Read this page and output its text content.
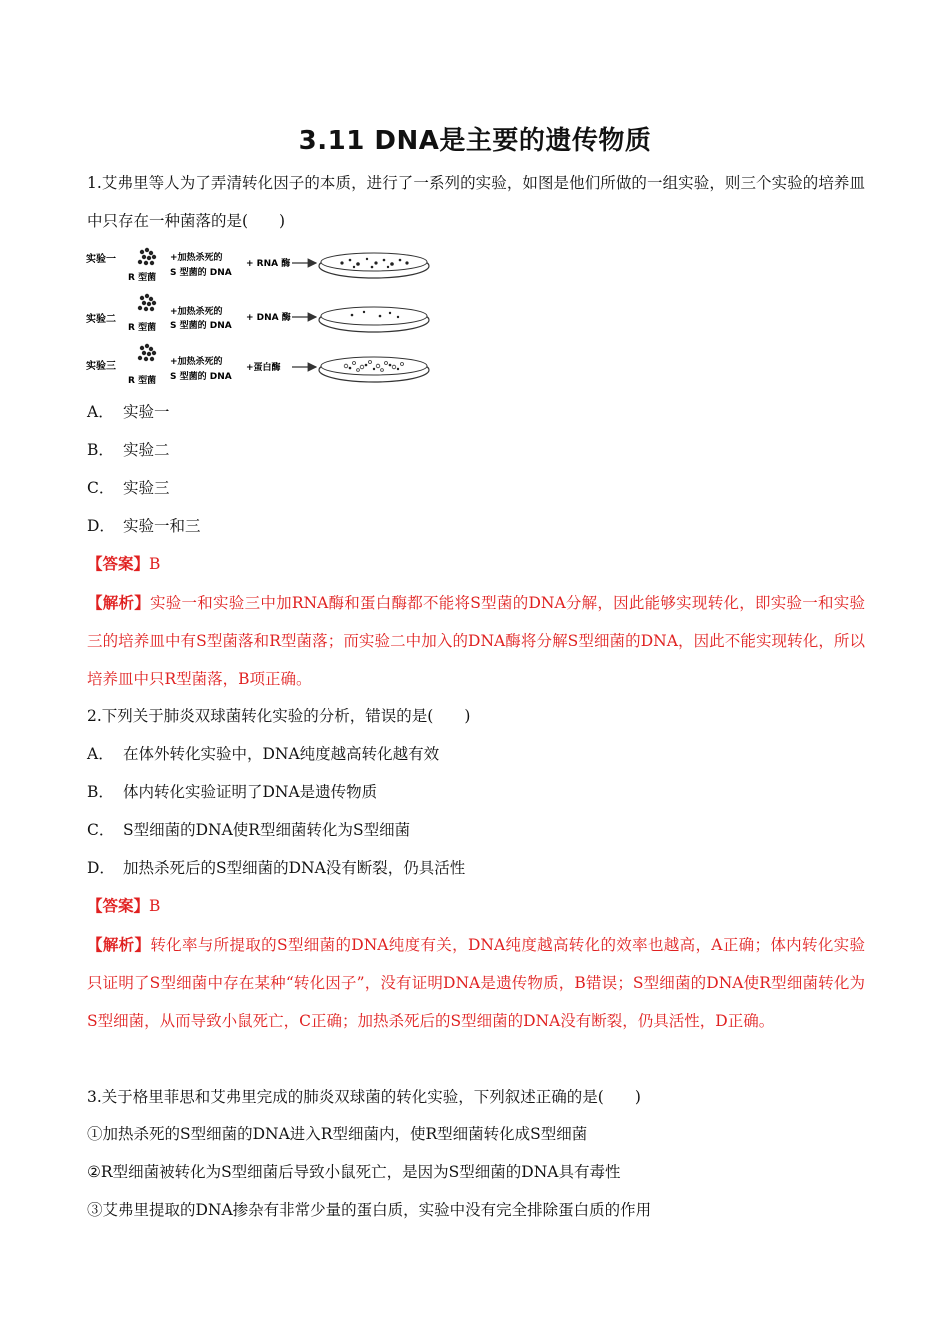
3.11 DNA是主要的遗传物质
1.艾弗里等人为了弄清转化因子的本质，进行了一系列的实验，如图是他们所做的一组实验，则三个实验的培养皿中只存在一种菌落的是(　　)
实验一
R 型菌
+加热杀死的
S 型菌的 DNA
+ RNA 酶
实验二
R 型菌
+加热杀死的
S 型菌的 DNA
+ DNA 酶
实验三
R 型菌
+加热杀死的
S 型菌的 DNA
+蛋白酶
A． 实验一
B． 实验二
C． 实验三
D． 实验一和三
【答案】B
【解析】实验一和实验三中加RNA酶和蛋白酶都不能将S型菌的DNA分解，因此能够实现转化，即实验一和实验三的培养皿中有S型菌落和R型菌落；而实验二中加入的DNA酶将分解S型细菌的DNA，因此不能实现转化，所以培养皿中只R型菌落，B项正确。
2.下列关于肺炎双球菌转化实验的分析，错误的是(　　)
A． 在体外转化实验中，DNA纯度越高转化越有效
B． 体内转化实验证明了DNA是遗传物质
C． S型细菌的DNA使R型细菌转化为S型细菌
D． 加热杀死后的S型细菌的DNA没有断裂，仍具活性
【答案】B
【解析】转化率与所提取的S型细菌的DNA纯度有关，DNA纯度越高转化的效率也越高，A正确；体内转化实验只证明了S型细菌中存在某种“转化因子”，没有证明DNA是遗传物质，B错误；S型细菌的DNA使R型细菌转化为S型细菌，从而导致小鼠死亡，C正确；加热杀死后的S型细菌的DNA没有断裂，仍具活性，D正确。
3.关于格里菲思和艾弗里完成的肺炎双球菌的转化实验，下列叙述正确的是(　　)
①加热杀死的S型细菌的DNA进入R型细菌内，使R型细菌转化成S型细菌
②R型细菌被转化为S型细菌后导致小鼠死亡，是因为S型细菌的DNA具有毒性
③艾弗里提取的DNA掺杂有非常少量的蛋白质，实验中没有完全排除蛋白质的作用
